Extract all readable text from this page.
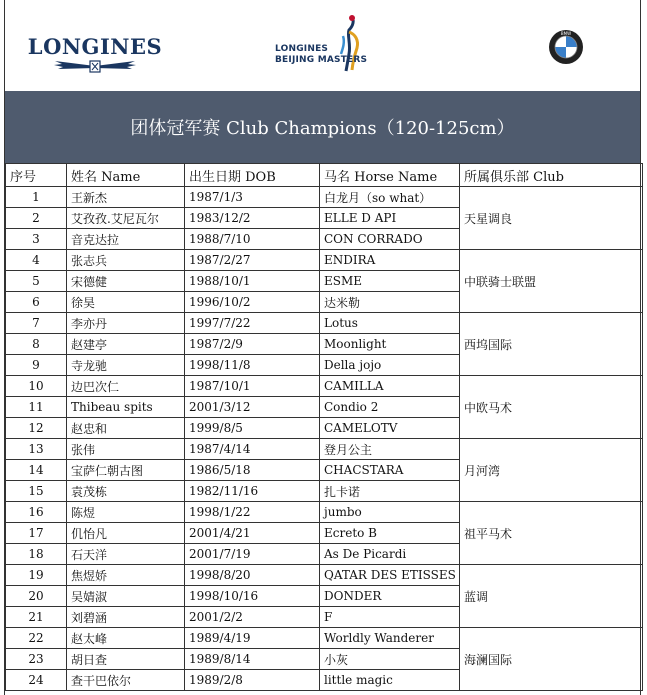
LONGINES	LONGINES
BEIJING MASTERS
BMW
团体冠军赛 Club Champions（120-125cm）
序号	姓名 Name	出生日期 DOB	马名 Horse Name	所属俱乐部 Club
1	王新杰	1987/1/3	白龙月（so what）	天星调良
2	艾孜孜.艾尼瓦尔	1983/12/2	ELLE D API	
3	音克达拉	1988/7/10	CON CORRADO	
4	张志兵	1987/2/27	ENDIRA	中联骑士联盟
5	宋德健	1988/10/1	ESME	
6	徐昊	1996/10/2	达米勒	
7	李亦丹	1997/7/22	Lotus	西坞国际
8	赵建亭	1987/2/9	Moonlight	
9	寺龙驰	1998/11/8	Della jojo	
10	边巴次仁	1987/10/1	CAMILLA	中欧马术
11	Thibeau spits	2001/3/12	Condio 2	
12	赵忠和	1999/8/5	CAMELOTV	
13	张伟	1987/4/14	登月公主	月河湾
14	宝萨仁朝古图	1986/5/18	CHACSTARA	
15	袁茂栋	1982/11/16	扎卡诺	
16	陈煜	1998/1/22	jumbo	祖平马术
17	仉怡凡	2001/4/21	Ecreto B	
18	石天洋	2001/7/19	As De Picardi	
19	焦煜娇	1998/8/20	QATAR DES ETISSES	蓝调
20	吴婧淑	1998/10/16	DONDER	
21	刘碧涵	2001/2/2	F	
22	赵太峰	1989/4/19	Worldly Wanderer	海澜国际
23	胡日查	1989/8/14	小灰	
24	查干巴依尔	1989/2/8	little magic	
